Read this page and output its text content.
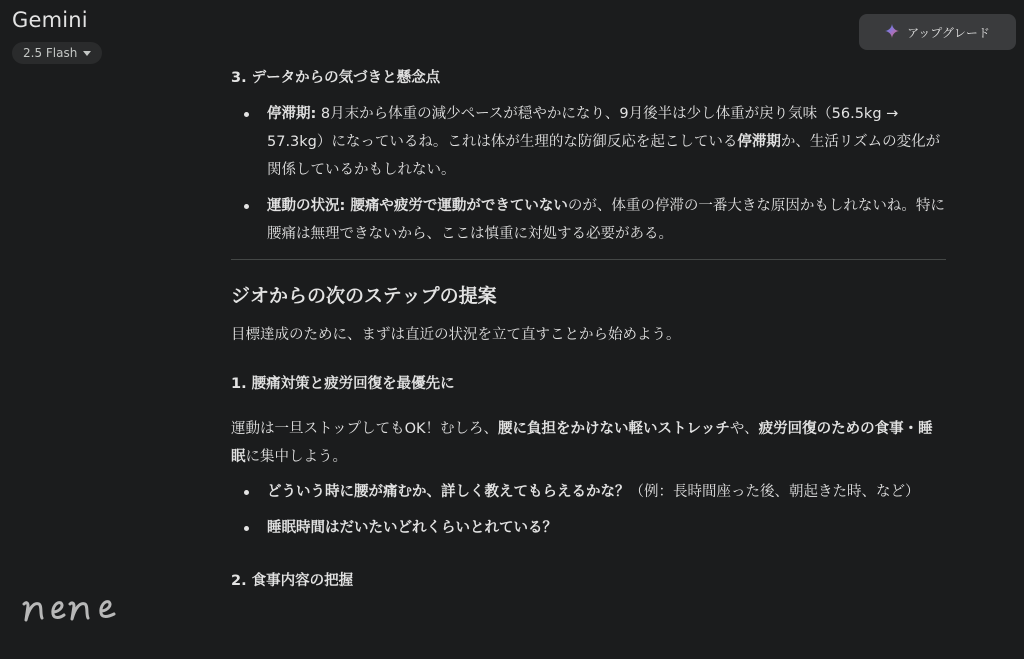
Gemini
2.5 Flash
アップグレード

3. データからの気づきと懸念点

停滞期: 8月末から体重の減少ペースが穏やかになり、9月後半は少し体重が戻り気味（56.5kg → 57.3kg）になっているね。これは体が生理的な防御反応を起こしている停滞期か、生活リズムの変化が関係しているかもしれない。
運動の状況: 腰痛や疲労で運動ができていないのが、体重の停滞の一番大きな原因かもしれないね。特に腰痛は無理できないから、ここは慎重に対処する必要がある。

ジオからの次のステップの提案

目標達成のために、まずは直近の状況を立て直すことから始めよう。

1. 腰痛対策と疲労回復を最優先に

運動は一旦ストップしてもOK！むしろ、腰に負担をかけない軽いストレッチや、疲労回復のための食事・睡眠に集中しよう。

どういう時に腰が痛むか、詳しく教えてもらえるかな？（例：長時間座った後、朝起きた時、など）
睡眠時間はだいたいどれくらいとれている？

2. 食事内容の把握
